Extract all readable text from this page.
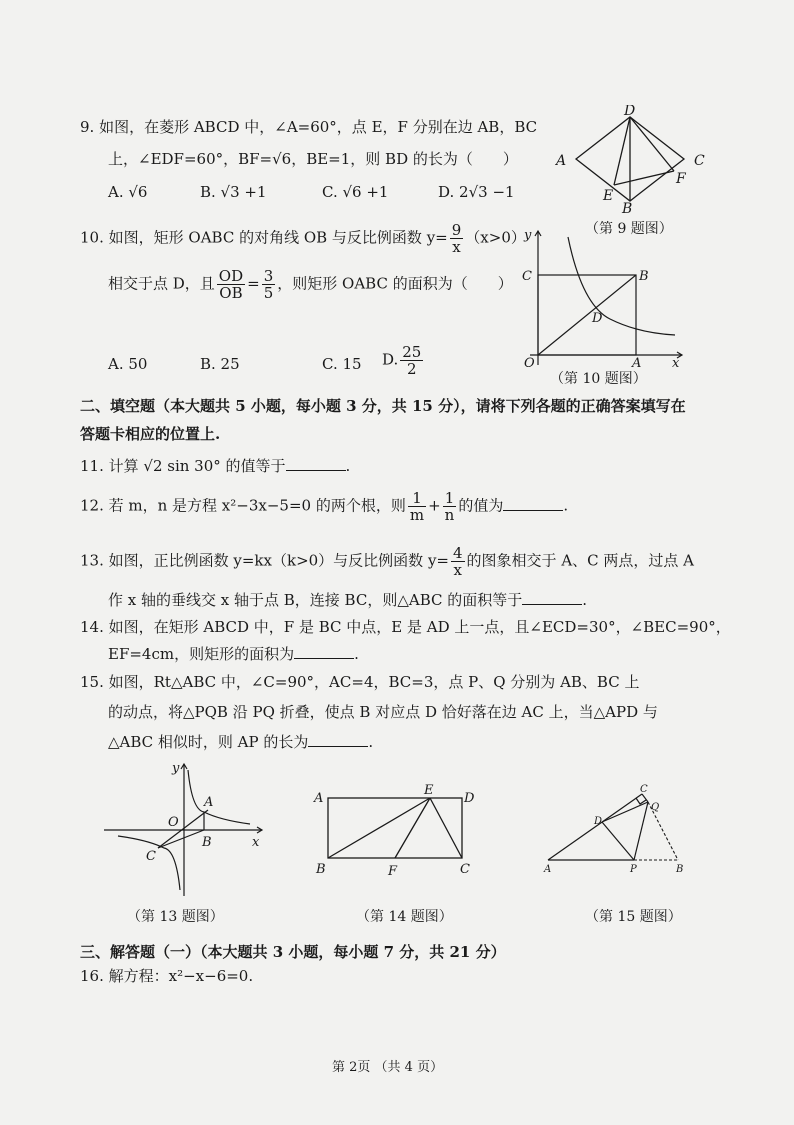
9. 如图，在菱形 ABCD 中，∠A=60°，点 E，F 分别在边 AB，BC
上，∠EDF=60°，BF=√6，BE=1，则 BD 的长为（　　）
A. √6	B. √3 +1	C. √6 +1	D. 2√3 −1
A
B
C
D
E
F
（第 9 题图）
10. 如图，矩形 OABC 的对角线 OB 与反比例函数 $y= \frac{9}{x} (x>0)$
相交于点 D，且 $\frac{OD}{OB} = \frac{3}{5}$ ，则矩形 OABC 的面积为（　　）
A. 50	B. 25	C. 15 D. $\frac{25}{2}$
y
x
C	B
D
O	A
（第 10 题图）
二、填空题（本大题共 5 小题，每小题 3 分，共 15 分），请将下列各题的正确答案填写在
答题卡相应的位置上.
11. 计算 √2 sin 30° 的值等于	.
12. 若 m，n 是方程 x²−3x−5=0 的两个根，则 $\frac{1}{m} + \frac{1}{n}$ 的值为	.
13. 如图，正比例函数 y=kx（k>0）与反比例函数 $y= \frac{4}{x}$ 的图象相交于 A、C 两点，过点 A
作 x 轴的垂线交 x 轴于点 B，连接 BC，则△ABC 的面积等于	.
14. 如图，在矩形 ABCD 中，F 是 BC 中点，E 是 AD 上一点，且∠ECD=30°，∠BEC=90°，
EF=4cm，则矩形的面积为	.
15. 如图，Rt△ABC 中，∠C=90°，AC=4，BC=3，点 P、Q 分别为 AB、BC 上
的动点，将△PQB 沿 PQ 折叠，使点 B 对应点 D 恰好落在边 AC 上，当△APD 与
△ABC 相似时，则 AP 的长为	.
y
x
O
A
B
C
（第 13 题图）
A
E
D
B	F	C
（第 14 题图）
C
Q
D
A	P	B
（第 15 题图）
三、解答题（一）（本大题共 3 小题，每小题 7 分，共 21 分）
16. 解方程：x²−x−6=0.
第 2页 （共 4 页）
